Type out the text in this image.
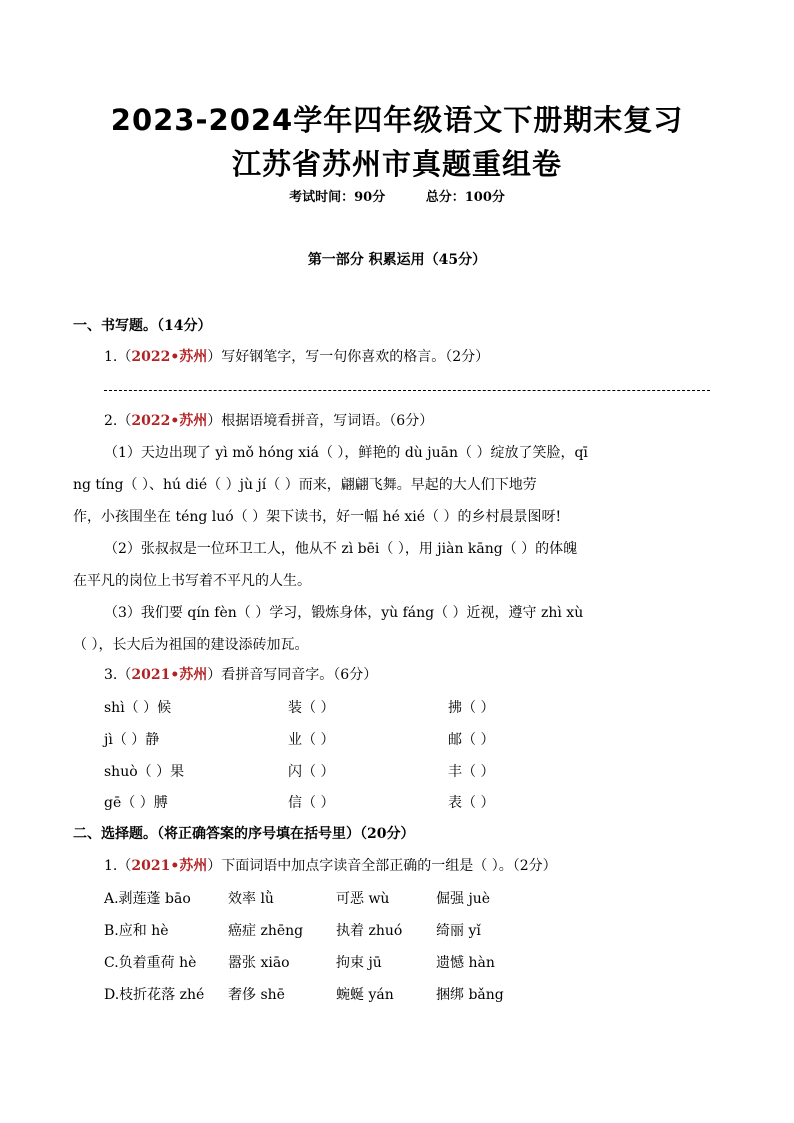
2023-2024学年四年级语文下册期末复习
江苏省苏州市真题重组卷
考试时间：90分	总分：100分
第一部分 积累运用（45分）
一、书写题。（14分）
1.（2022•苏州）写好钢笔字，写一句你喜欢的格言。（2分）
2.（2022•苏州）根据语境看拼音，写词语。（6分）
（1）天边出现了 yì mǒ hóng xiá（ ），鲜艳的 dù juān（ ）绽放了笑脸，qī
ng tíng（ ）、hú dié（ ）jù jí（ ）而来，翩翩飞舞。早起的大人们下地劳
作，小孩围坐在 téng luó（ ）架下读书，好一幅 hé xié（ ）的乡村晨景图呀!
（2）张叔叔是一位环卫工人，他从不 zì bēi（ ），用 jiàn kāng（ ）的体魄
在平凡的岗位上书写着不平凡的人生。
（3）我们要 qín fèn（ ）学习，锻炼身体，yù fáng（ ）近视，遵守 zhì xù
（ ），长大后为祖国的建设添砖加瓦。
3.（2021•苏州）看拼音写同音字。（6分）
shì（ ）候	装（ ）	拂（ ）
jì（ ）静	业（ ）	邮（ ）
shuò（ ）果	闪（ ）	丰（ ）
gē（ ）膊	信（ ）	表（ ）
二、选择题。（将正确答案的序号填在括号里）（20分）
1.（2021•苏州）下面词语中加点字读音全部正确的一组是（ ）。（2分）
A.剥莲蓬 bāo	效率 lǜ	可恶 wù	倔强 juè
B.应和 hè	癌症 zhēng 执着 zhuó 绮丽 yǐ
C.负着重荷 hè 嚣张 xiāo	拘束 jū	遗憾 hàn
D.枝折花落 zhé 奢侈 shē	蜿蜒 yán	捆绑 bǎng
